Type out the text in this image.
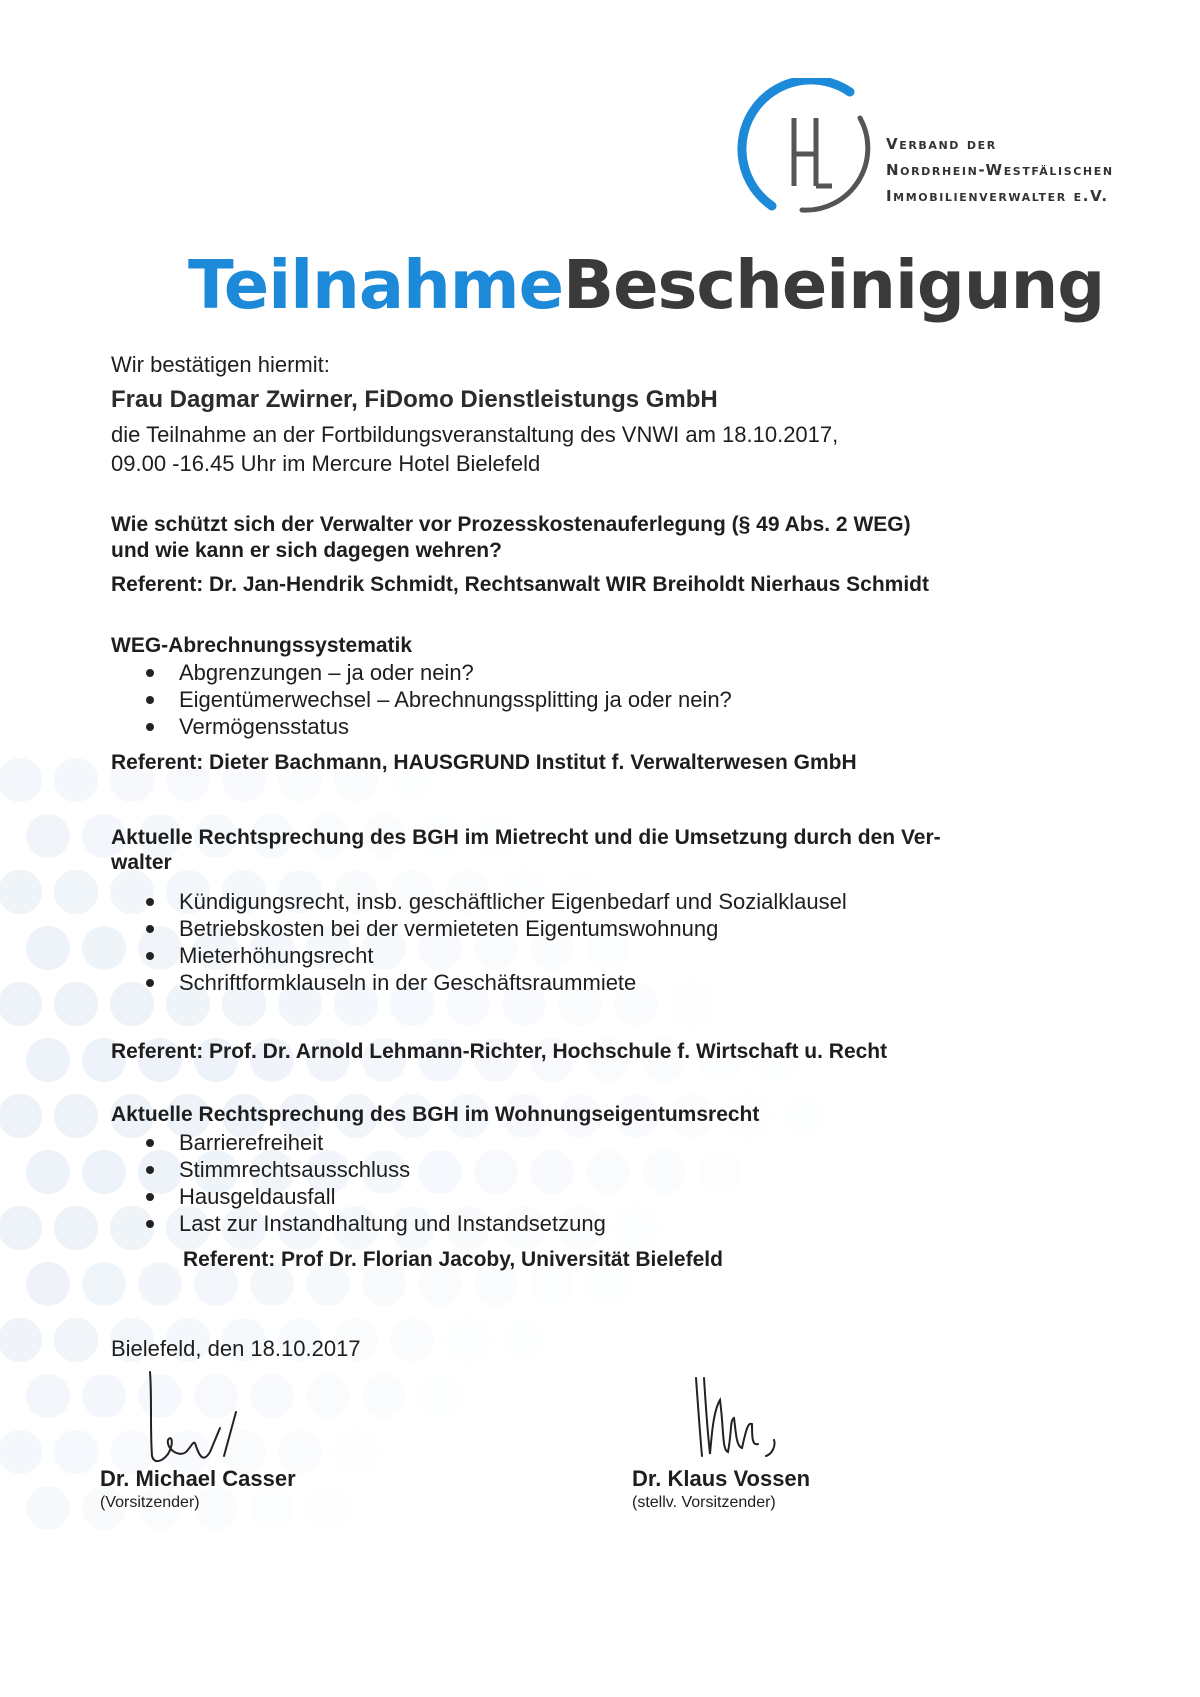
Verband der
Nordrhein-Westfälischen
Immobilienverwalter e.V.
TeilnahmeBescheinigung
Wir bestätigen hiermit:
Frau Dagmar Zwirner, FiDomo Dienstleistungs GmbH
die Teilnahme an der Fortbildungsveranstaltung des VNWI am 18.10.2017,
09.00 -16.45 Uhr im Mercure Hotel Bielefeld
Wie schützt sich der Verwalter vor Prozesskostenauferlegung (§ 49 Abs. 2 WEG)
und wie kann er sich dagegen wehren?
Referent: Dr. Jan-Hendrik Schmidt, Rechtsanwalt WIR Breiholdt Nierhaus Schmidt
WEG-Abrechnungssystematik
Abgrenzungen – ja oder nein?
Eigentümerwechsel – Abrechnungssplitting ja oder nein?
Vermögensstatus
Referent: Dieter Bachmann, HAUSGRUND Institut f. Verwalterwesen GmbH
Aktuelle Rechtsprechung des BGH im Mietrecht und die Umsetzung durch den Ver-
walter
Kündigungsrecht, insb. geschäftlicher Eigenbedarf und Sozialklausel
Betriebskosten bei der vermieteten Eigentumswohnung
Mieterhöhungsrecht
Schriftformklauseln in der Geschäftsraummiete
Referent: Prof. Dr. Arnold Lehmann-Richter, Hochschule f. Wirtschaft u. Recht
Aktuelle Rechtsprechung des BGH im Wohnungseigentumsrecht
Barrierefreiheit
Stimmrechtsausschluss
Hausgeldausfall
Last zur Instandhaltung und Instandsetzung
Referent: Prof Dr. Florian Jacoby, Universität Bielefeld
Bielefeld, den 18.10.2017
Dr. Michael Casser
(Vorsitzender)
Dr. Klaus Vossen
(stellv. Vorsitzender)
